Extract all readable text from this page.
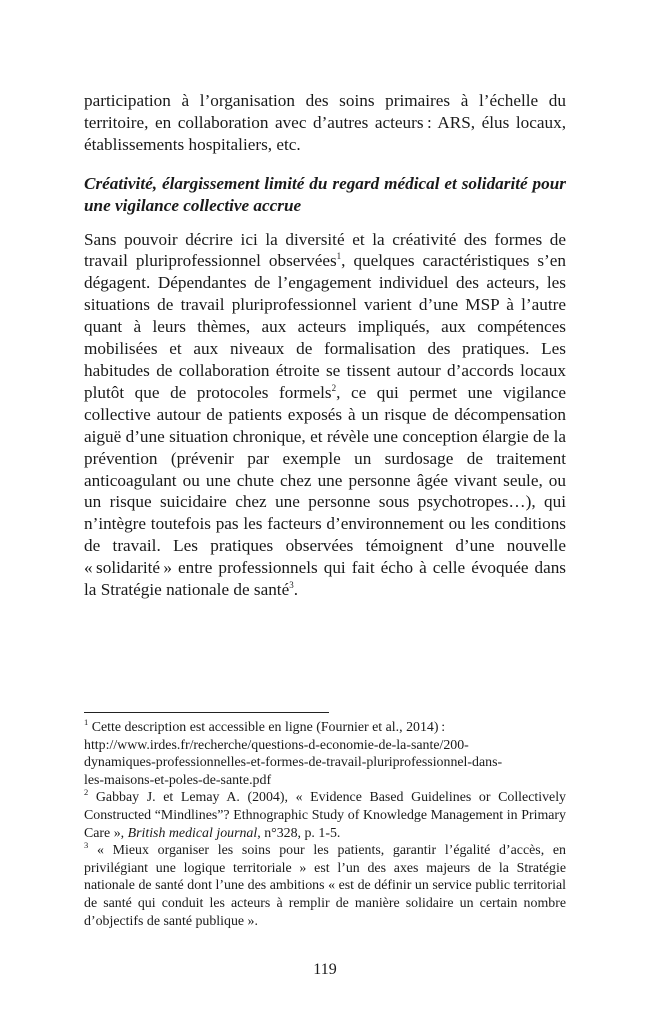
participation à l’organisation des soins primaires à l’échelle du territoire, en collaboration avec d’autres acteurs : ARS, élus locaux, établissements hospitaliers, etc.

Créativité, élargissement limité du regard médical et solidarité pour une vigilance collective accrue

Sans pouvoir décrire ici la diversité et la créativité des formes de travail pluriprofessionnel observées$^1$, quelques caractéristiques s’en dégagent. Dépendantes de l’engagement individuel des acteurs, les situations de travail pluriprofessionnel varient d’une MSP à l’autre quant à leurs thèmes, aux acteurs impliqués, aux compétences mobilisées et aux niveaux de formalisation des pratiques. Les habitudes de collaboration étroite se tissent autour d’accords locaux plutôt que de protocoles formels$^2$, ce qui permet une vigilance collective autour de patients exposés à un risque de décompensation aiguë d’une situation chronique, et révèle une conception élargie de la prévention (prévenir par exemple un surdosage de traitement anticoagulant ou une chute chez une personne âgée vivant seule, ou un risque suicidaire chez une personne sous psychotropes…), qui n’intègre toutefois pas les facteurs d’environnement ou les conditions de travail. Les pratiques observées témoignent d’une nouvelle « solidarité » entre professionnels qui fait écho à celle évoquée dans la Stratégie nationale de santé$^3$.

$^1$ Cette description est accessible en ligne (Fournier et al., 2014) :
http://www.irdes.fr/recherche/questions-d-economie-de-la-sante/200-
dynamiques-professionnelles-et-formes-de-travail-pluriprofessionnel-dans-
les-maisons-et-poles-de-sante.pdf

$^2$ Gabbay J. et Lemay A. (2004), « Evidence Based Guidelines or Collectively Constructed “Mindlines”? Ethnographic Study of Knowledge Management in Primary Care », British medical journal, n°328, p. 1-5.

$^3$ « Mieux organiser les soins pour les patients, garantir l’égalité d’accès, en privilégiant une logique territoriale » est l’un des axes majeurs de la Stratégie nationale de santé dont l’une des ambitions « est de définir un service public territorial de santé qui conduit les acteurs à remplir de manière solidaire un certain nombre d’objectifs de santé publique ».

119
